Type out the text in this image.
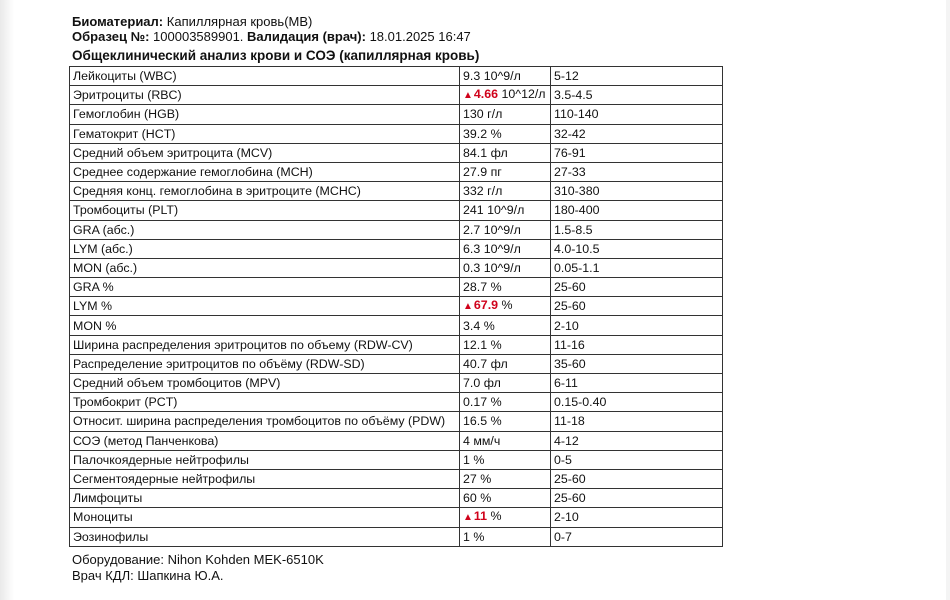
Биоматериал: Капиллярная кровь(МВ)
Образец №: 100003589901. Валидация (врач): 18.01.2025 16:47
Общеклинический анализ крови и СОЭ (капиллярная кровь)
Лейкоциты (WBC)	9.3 10^9/л	5-12
Эритроциты (RBC)	▲4.66 10^12/л	3.5-4.5
Гемоглобин (HGB)	130 г/л	110-140
Гематокрит (HCT)	39.2 %	32-42
Средний объем эритроцита (MCV)	84.1 фл	76-91
Среднее содержание гемоглобина (MCH)	27.9 пг	27-33
Средняя конц. гемоглобина в эритроците (MCHC)	332 г/л	310-380
Тромбоциты (PLT)	241 10^9/л	180-400
GRA (абс.)	2.7 10^9/л	1.5-8.5
LYM (абс.)	6.3 10^9/л	4.0-10.5
MON (абс.)	0.3 10^9/л	0.05-1.1
GRA %	28.7 %	25-60
LYM %	▲67.9 %	25-60
MON %	3.4 %	2-10
Ширина распределения эритроцитов по объему (RDW-CV)	12.1 %	11-16
Распределение эритроцитов по объёму (RDW-SD)	40.7 фл	35-60
Средний объем тромбоцитов (MPV)	7.0 фл	6-11
Тромбокрит (PCT)	0.17 %	0.15-0.40
Относит. ширина распределения тромбоцитов по объёму (PDW)	16.5 %	11-18
СОЭ (метод Панченкова)	4 мм/ч	4-12
Палочкоядерные нейтрофилы	1 %	0-5
Сегментоядерные нейтрофилы	27 %	25-60
Лимфоциты	60 %	25-60
Моноциты	▲11 %	2-10
Эозинофилы	1 %	0-7
Оборудование: Nihon Kohden MEK-6510K
Врач КДЛ: Шапкина Ю.А.
